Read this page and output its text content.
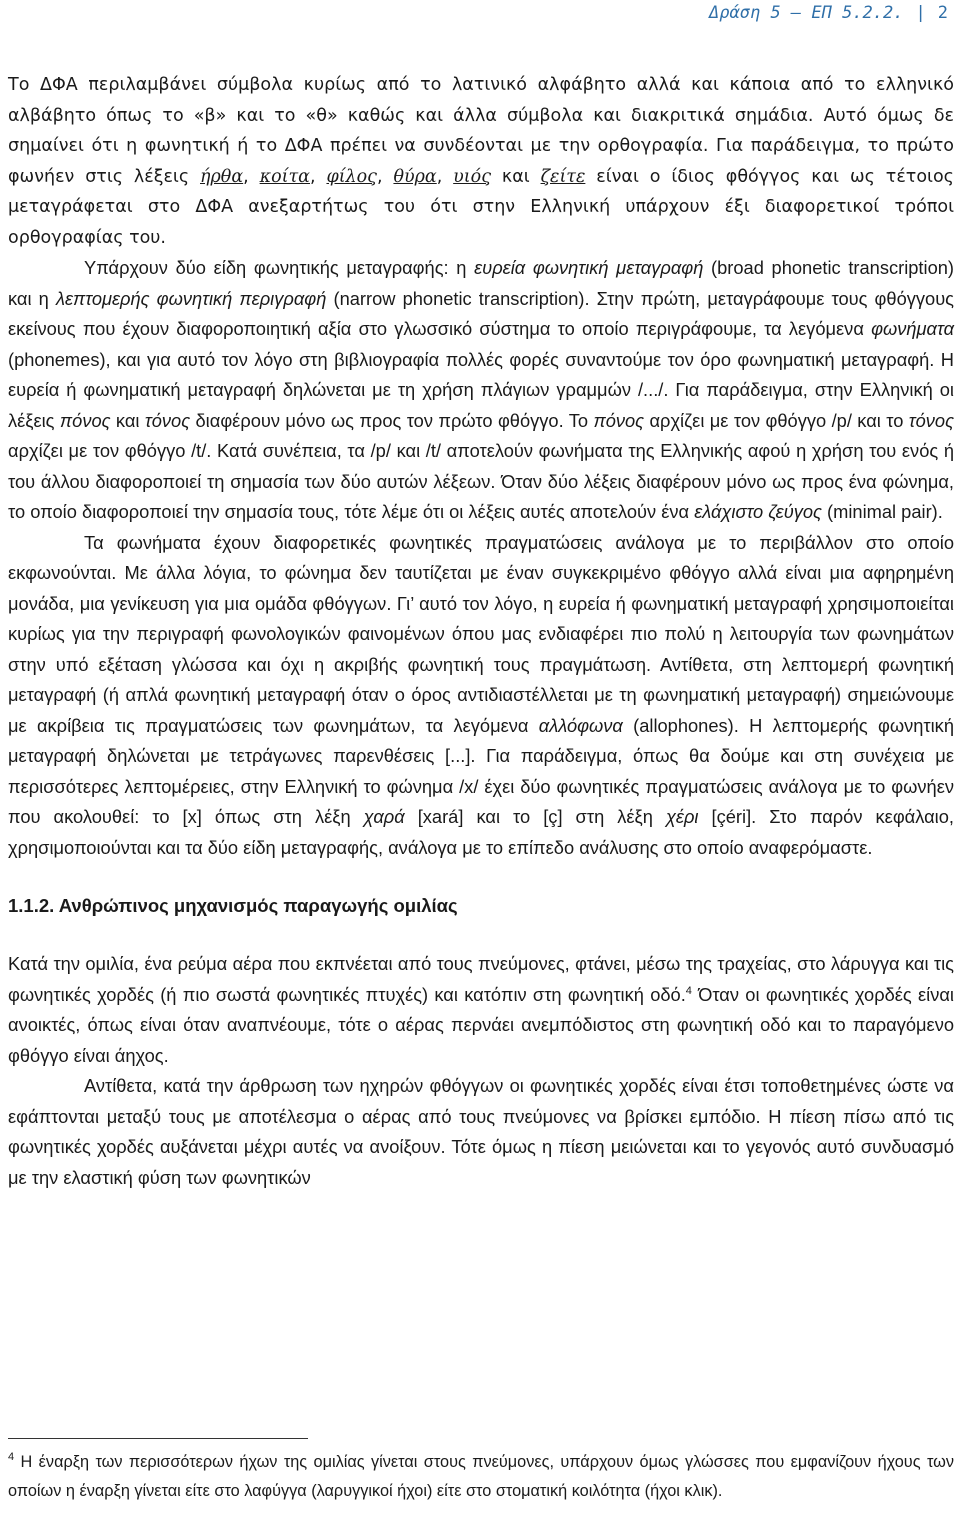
Δράση 5 – ΕΠ 5.2.2. | 2

Το ΔΦΑ περιλαμβάνει σύμβολα κυρίως από το λατινικό αλφάβητο αλλά και κάποια από το ελληνικό αλβάβητο όπως το «β» και το «θ» καθώς και άλλα σύμβολα και διακριτικά σημάδια. Αυτό όμως δε σημαίνει ότι η φωνητική ή το ΔΦΑ πρέπει να συνδέονται με την ορθογραφία. Για παράδειγμα, το πρώτο φωνήεν στις λέξεις ήρθα, κοίτα, φίλος, θύρα, υιός και ζείτε είναι ο ίδιος φθόγγος και ως τέτοιος μεταγράφεται στο ΔΦΑ ανεξαρτήτως του ότι στην Ελληνική υπάρχουν έξι διαφορετικοί τρόποι ορθογραφίας του.

Υπάρχουν δύο είδη φωνητικής μεταγραφής: η ευρεία φωνητική μεταγραφή (broad phonetic transcription) και η λεπτομερής φωνητική περιγραφή (narrow phonetic transcription). Στην πρώτη, μεταγράφουμε τους φθόγγους εκείνους που έχουν διαφοροποιητική αξία στο γλωσσικό σύστημα το οποίο περιγράφουμε, τα λεγόμενα φωνήματα (phonemes), και για αυτό τον λόγο στη βιβλιογραφία πολλές φορές συναντούμε τον όρο φωνηματική μεταγραφή. Η ευρεία ή φωνηματική μεταγραφή δηλώνεται με τη χρήση πλάγιων γραμμών /.../. Για παράδειγμα, στην Ελληνική οι λέξεις πόνος και τόνος διαφέρουν μόνο ως προς τον πρώτο φθόγγο. Το πόνος αρχίζει με τον φθόγγο /p/ και το τόνος αρχίζει με τον φθόγγο /t/. Κατά συνέπεια, τα /p/ και /t/ αποτελούν φωνήματα της Ελληνικής αφού η χρήση του ενός ή του άλλου διαφοροποιεί τη σημασία των δύο αυτών λέξεων. Όταν δύο λέξεις διαφέρουν μόνο ως προς ένα φώνημα, το οποίο διαφοροποιεί την σημασία τους, τότε λέμε ότι οι λέξεις αυτές αποτελούν ένα ελάχιστο ζεύγος (minimal pair).

Τα φωνήματα έχουν διαφορετικές φωνητικές πραγματώσεις ανάλογα με το περιβάλλον στο οποίο εκφωνούνται. Με άλλα λόγια, το φώνημα δεν ταυτίζεται με έναν συγκεκριμένο φθόγγο αλλά είναι μια αφηρημένη μονάδα, μια γενίκευση για μια ομάδα φθόγγων. Γι’ αυτό τον λόγο, η ευρεία ή φωνηματική μεταγραφή χρησιμοποιείται κυρίως για την περιγραφή φωνολογικών φαινομένων όπου μας ενδιαφέρει πιο πολύ η λειτουργία των φωνημάτων στην υπό εξέταση γλώσσα και όχι η ακριβής φωνητική τους πραγμάτωση. Αντίθετα, στη λεπτομερή φωνητική μεταγραφή (ή απλά φωνητική μεταγραφή όταν ο όρος αντιδιαστέλλεται με τη φωνηματική μεταγραφή) σημειώνουμε με ακρίβεια τις πραγματώσεις των φωνημάτων, τα λεγόμενα αλλόφωνα (allophones). Η λεπτομερής φωνητική μεταγραφή δηλώνεται με τετράγωνες παρενθέσεις [...]. Για παράδειγμα, όπως θα δούμε και στη συνέχεια με περισσότερες λεπτομέρειες, στην Ελληνική το φώνημα /x/ έχει δύο φωνητικές πραγματώσεις ανάλογα με το φωνήεν που ακολουθεί: το [x] όπως στη λέξη χαρά [xará] και το [ç] στη λέξη χέρι [çéri]. Στο παρόν κεφάλαιο, χρησιμοποιούνται και τα δύο είδη μεταγραφής, ανάλογα με το επίπεδο ανάλυσης στο οποίο αναφερόμαστε.

1.1.2. Ανθρώπινος μηχανισμός παραγωγής ομιλίας

Κατά την ομιλία, ένα ρεύμα αέρα που εκπνέεται από τους πνεύμονες, φτάνει, μέσω της τραχείας, στο λάρυγγα και τις φωνητικές χορδές (ή πιο σωστά φωνητικές πτυχές) και κατόπιν στη φωνητική οδό.$^4$ Όταν οι φωνητικές χορδές είναι ανοικτές, όπως είναι όταν αναπνέουμε, τότε ο αέρας περνάει ανεμπόδιστος στη φωνητική οδό και το παραγόμενο φθόγγο είναι άηχος.

Αντίθετα, κατά την άρθρωση των ηχηρών φθόγγων οι φωνητικές χορδές είναι έτσι τοποθετημένες ώστε να εφάπτονται μεταξύ τους με αποτέλεσμα ο αέρας από τους πνεύμονες να βρίσκει εμπόδιο. Η πίεση πίσω από τις φωνητικές χορδές αυξάνεται μέχρι αυτές να ανοίξουν. Τότε όμως η πίεση μειώνεται και το γεγονός αυτό συνδυασμό με την ελαστική φύση των φωνητικών

$^4$ Η έναρξη των περισσότερων ήχων της ομιλίας γίνεται στους πνεύμονες, υπάρχουν όμως γλώσσες που εμφανίζουν ήχους των οποίων η έναρξη γίνεται είτε στο λαφύγγα (λαρυγγικοί ήχοι) είτε στο στοματική κοιλότητα (ήχοι κλικ).
